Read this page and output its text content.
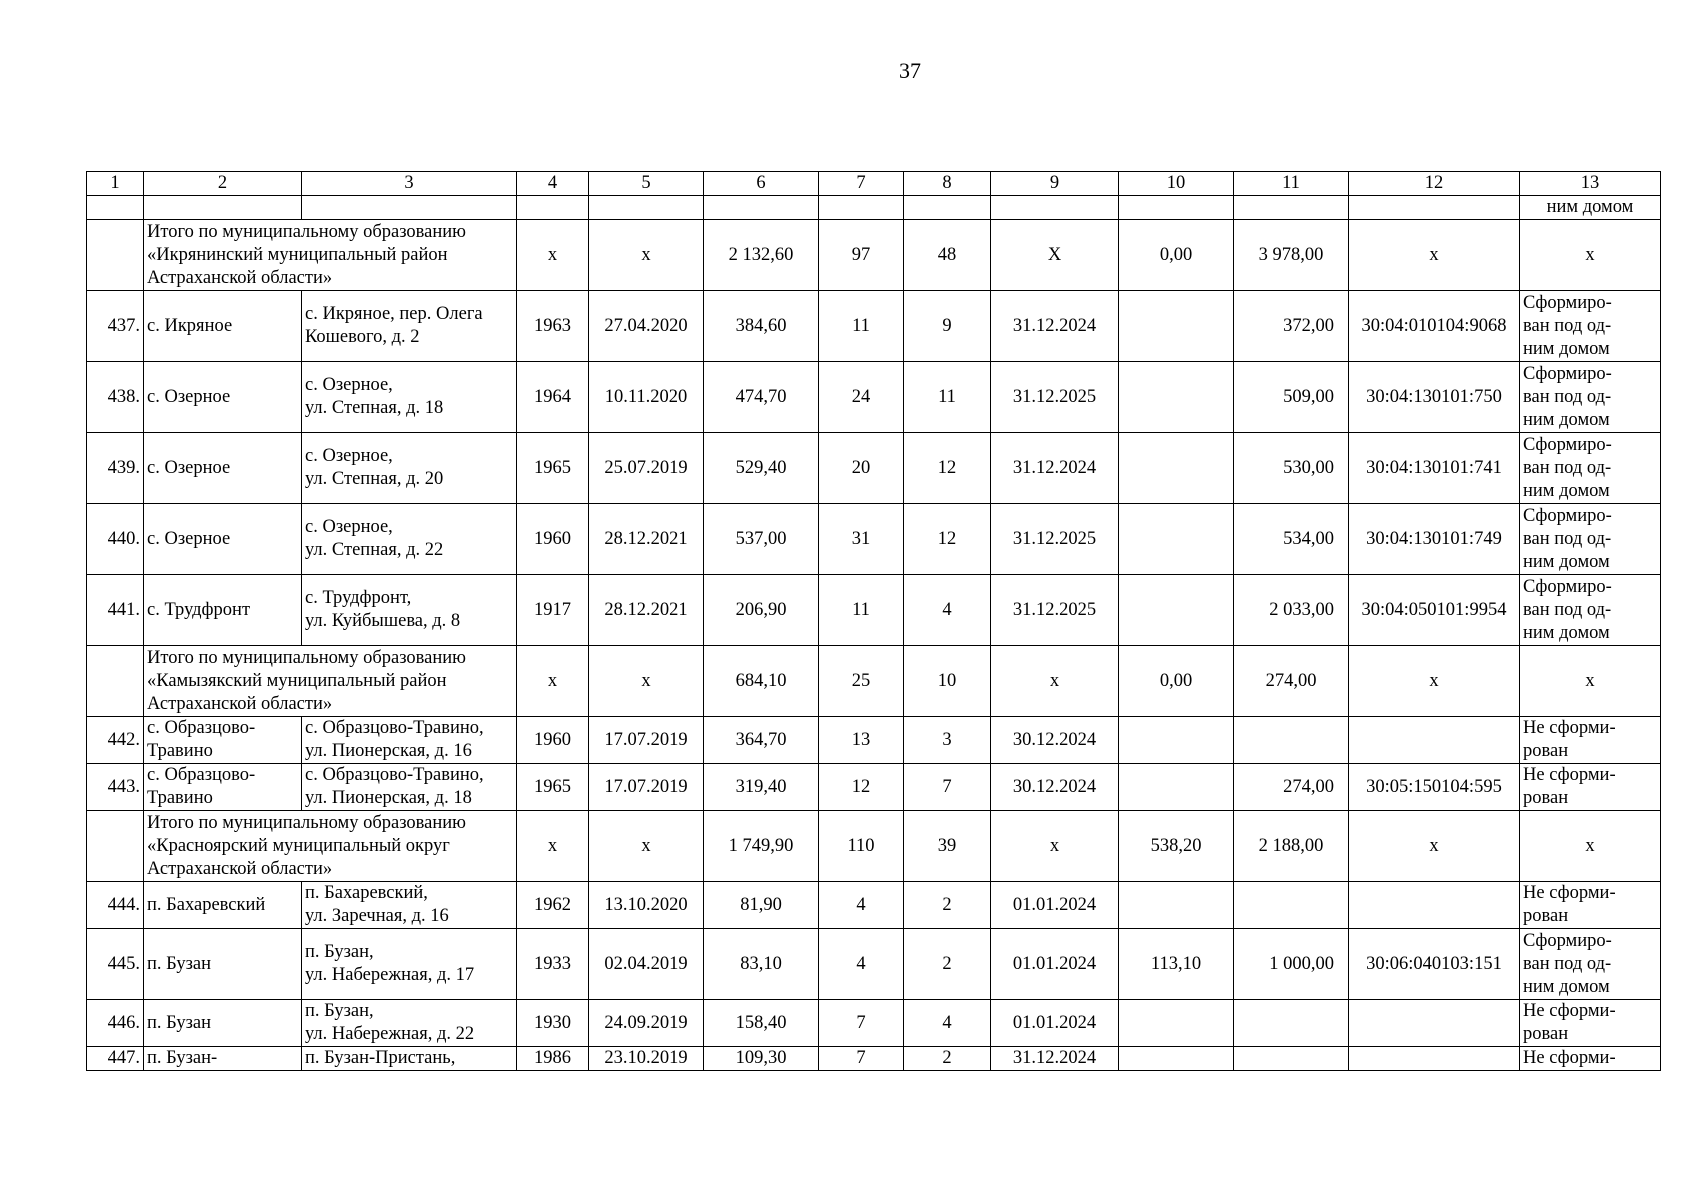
37
1	2	3	4	5	6	7	8	9	10	11	12	13
												ним домом
	Итого по муниципальному образованию
«Икрянинский муниципальный район
Астраханской области»		х	х	2 132,60	97	48	Х	0,00	3 978,00	х	х
437.	с. Икряное	с. Икряное, пер. Олега
Кошевого, д. 2	1963	27.04.2020	384,60	11	9	31.12.2024		372,00	30:04:010104:9068	Сформиро-
ван под од-
ним домом
438.	с. Озерное	с. Озерное,
ул. Степная, д. 18	1964	10.11.2020	474,70	24	11	31.12.2025		509,00	30:04:130101:750	Сформиро-
ван под од-
ним домом
439.	с. Озерное	с. Озерное,
ул. Степная, д. 20	1965	25.07.2019	529,40	20	12	31.12.2024		530,00	30:04:130101:741	Сформиро-
ван под од-
ним домом
440.	с. Озерное	с. Озерное,
ул. Степная, д. 22	1960	28.12.2021	537,00	31	12	31.12.2025		534,00	30:04:130101:749	Сформиро-
ван под од-
ним домом
441.	с. Трудфронт	с. Трудфронт,
ул. Куйбышева, д. 8	1917	28.12.2021	206,90	11	4	31.12.2025		2 033,00	30:04:050101:9954	Сформиро-
ван под од-
ним домом
	Итого по муниципальному образованию
«Камызякский муниципальный район
Астраханской области»		х	х	684,10	25	10	х	0,00	274,00	х	х
442.	с. Образцово-
Травино	с. Образцово-Травино,
ул. Пионерская, д. 16	1960	17.07.2019	364,70	13	3	30.12.2024				Не сформи-
рован
443.	с. Образцово-
Травино	с. Образцово-Травино,
ул. Пионерская, д. 18	1965	17.07.2019	319,40	12	7	30.12.2024		274,00	30:05:150104:595	Не сформи-
рован
	Итого по муниципальному образованию
«Красноярский муниципальный округ
Астраханской области»		х	х	1 749,90	110	39	х	538,20	2 188,00	х	х
444.	п. Бахаревский	п. Бахаревский,
ул. Заречная, д. 16	1962	13.10.2020	81,90	4	2	01.01.2024				Не сформи-
рован
445.	п. Бузан	п. Бузан,
ул. Набережная, д. 17	1933	02.04.2019	83,10	4	2	01.01.2024	113,10	1 000,00	30:06:040103:151	Сформиро-
ван под од-
ним домом
446.	п. Бузан	п. Бузан,
ул. Набережная, д. 22	1930	24.09.2019	158,40	7	4	01.01.2024				Не сформи-
рован
447.	п. Бузан-	п. Бузан-Пристань,	1986	23.10.2019	109,30	7	2	31.12.2024				Не сформи-
